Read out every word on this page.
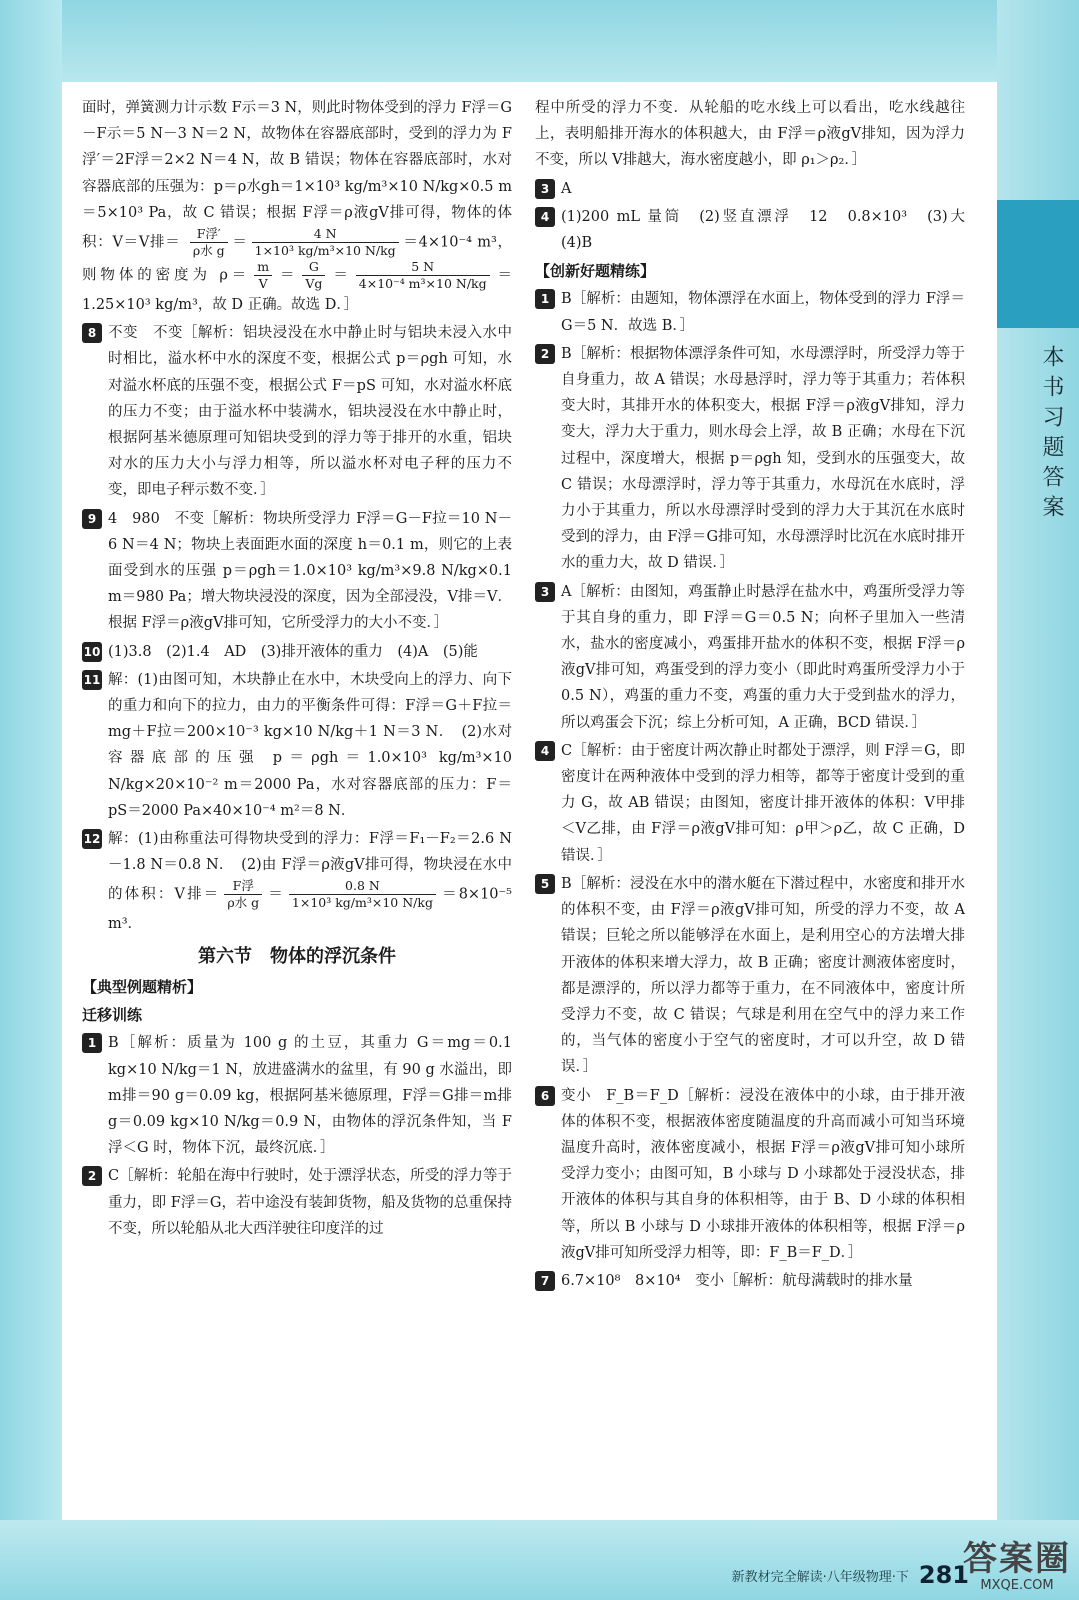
本书习题答案
面时，弹簧测力计示数 F示＝3 N，则此时物体受到的浮力 F浮＝G－F示＝5 N－3 N＝2 N，故物体在容器底部时，受到的浮力为 F浮′＝2F浮＝2×2 N＝4 N，故 B 错误；物体在容器底部时，水对容器底部的压强为：p＝ρ水gh＝1×10³ kg/m³×10 N/kg×0.5 m＝5×10³ Pa，故 C 错误；根据 F浮＝ρ液gV排可得，物体的体积：V＝V排＝ $\frac{\text{F浮′}}{\text{ρ水 g}} = \frac{4 N}{\text{1×10³ kg/m³×10 N/kg}} =4\times 10^{-4}$ m³，则物体的密度为 $\rho= \frac{m}{V} = \frac{G}{Vg} = \frac{5 N}{\text{4×10⁻⁴ m³×10 N/kg}} =1.25\times 10^3$ kg/m³，故 D 正确。故选 D．］
8 不变　不变［解析：铝块浸没在水中静止时与铝块未浸入水中时相比，溢水杯中水的深度不变，根据公式 p＝ρgh 可知，水对溢水杯底的压强不变，根据公式 F＝pS 可知，水对溢水杯底的压力不变；由于溢水杯中装满水，铝块浸没在水中静止时，根据阿基米德原理可知铝块受到的浮力等于排开的水重，铝块对水的压力大小与浮力相等，所以溢水杯对电子秤的压力不变，即电子秤示数不变．］
9 4　980　不变［解析：物块所受浮力 F浮＝G－F拉＝10 N－6 N＝4 N；物块上表面距水面的深度 h＝0.1 m，则它的上表面受到水的压强 p＝ρgh＝1.0×10³ kg/m³×9.8 N/kg×0.1 m＝980 Pa；增大物块浸没的深度，因为全部浸没，V排＝V．根据 F浮＝ρ液gV排可知，它所受浮力的大小不变．］
10 (1)3.8　(2)1.4　AD　(3)排开液体的重力　(4)A　(5)能
11 解：(1)由图可知，木块静止在水中，木块受向上的浮力、向下的重力和向下的拉力，由力的平衡条件可得：F浮＝G＋F拉＝mg＋F拉＝200×10⁻³ kg×10 N/kg＋1 N＝3 N．　(2)水对容器底部的压强 p＝ρgh＝1.0×10³ kg/m³×10 N/kg×20×10⁻² m＝2000 Pa，水对容器底部的压力：F＝pS＝2000 Pa×40×10⁻⁴ m²＝8 N．
12 解：(1)由称重法可得物块受到的浮力：F浮＝F₁－F₂＝2.6 N－1.8 N＝0.8 N．　(2)由 F浮＝ρ液gV排可得，物块浸在水中的体积：V排＝ $\frac{\text{F浮}}{\text{ρ水 g}} = \frac{0.8 N}{\text{1×10³ kg/m³×10 N/kg}} =8\times 10^{-5}$ m³．
第六节　物体的浮沉条件
【典型例题精析】
迁移训练
1 B［解析：质量为 100 g 的土豆，其重力 G＝mg＝0.1 kg×10 N/kg＝1 N，放进盛满水的盆里，有 90 g 水溢出，即 m排＝90 g＝0.09 kg，根据阿基米德原理，F浮＝G排＝m排g＝0.09 kg×10 N/kg＝0.9 N，由物体的浮沉条件知，当 F浮＜G 时，物体下沉，最终沉底．］
2 C［解析：轮船在海中行驶时，处于漂浮状态，所受的浮力等于重力，即 F浮＝G，若中途没有装卸货物，船及货物的总重保持不变，所以轮船从北大西洋驶往印度洋的过
程中所受的浮力不变．从轮船的吃水线上可以看出，吃水线越往上，表明船排开海水的体积越大，由 F浮＝ρ液gV排知，因为浮力不变，所以 V排越大，海水密度越小，即 ρ₁＞ρ₂．］
3 A
4 (1)200 mL 量筒　(2)竖直漂浮　12　0.8×10³　(3)大　(4)B
【创新好题精练】
1 B［解析：由题知，物体漂浮在水面上，物体受到的浮力 F浮＝G＝5 N．故选 B．］
2 B［解析：根据物体漂浮条件可知，水母漂浮时，所受浮力等于自身重力，故 A 错误；水母悬浮时，浮力等于其重力；若体积变大时，其排开水的体积变大，根据 F浮＝ρ液gV排知，浮力变大，浮力大于重力，则水母会上浮，故 B 正确；水母在下沉过程中，深度增大，根据 p＝ρgh 知，受到水的压强变大，故 C 错误；水母漂浮时，浮力等于其重力，水母沉在水底时，浮力小于其重力，所以水母漂浮时受到的浮力大于其沉在水底时受到的浮力，由 F浮＝G排可知，水母漂浮时比沉在水底时排开水的重力大，故 D 错误．］
3 A［解析：由图知，鸡蛋静止时悬浮在盐水中，鸡蛋所受浮力等于其自身的重力，即 F浮＝G＝0.5 N；向杯子里加入一些清水，盐水的密度减小，鸡蛋排开盐水的体积不变，根据 F浮＝ρ液gV排可知，鸡蛋受到的浮力变小（即此时鸡蛋所受浮力小于 0.5 N），鸡蛋的重力不变，鸡蛋的重力大于受到盐水的浮力，所以鸡蛋会下沉；综上分析可知，A 正确，BCD 错误．］
4 C［解析：由于密度计两次静止时都处于漂浮，则 F浮＝G，即密度计在两种液体中受到的浮力相等，都等于密度计受到的重力 G，故 AB 错误；由图知，密度计排开液体的体积：V甲排＜V乙排，由 F浮＝ρ液gV排可知：ρ甲＞ρ乙，故 C 正确，D 错误．］
5 B［解析：浸没在水中的潜水艇在下潜过程中，水密度和排开水的体积不变，由 F浮＝ρ液gV排可知，所受的浮力不变，故 A 错误；巨轮之所以能够浮在水面上，是利用空心的方法增大排开液体的体积来增大浮力，故 B 正确；密度计测液体密度时，都是漂浮的，所以浮力都等于重力，在不同液体中，密度计所受浮力不变，故 C 错误；气球是利用在空气中的浮力来工作的，当气体的密度小于空气的密度时，才可以升空，故 D 错误．］
6 变小　F_B＝F_D［解析：浸没在液体中的小球，由于排开液体的体积不变，根据液体密度随温度的升高而减小可知当环境温度升高时，液体密度减小，根据 F浮＝ρ液gV排可知小球所受浮力变小；由图可知，B 小球与 D 小球都处于浸没状态，排开液体的体积与其自身的体积相等，由于 B、D 小球的体积相等，所以 B 小球与 D 小球排开液体的体积相等，根据 F浮＝ρ液gV排可知所受浮力相等，即：F_B＝F_D．］
7 6.7×10⁸　8×10⁴　变小［解析：航母满载时的排水量
新教材完全解读·八年级物理·下 281
答案圈
MXQE.COM
